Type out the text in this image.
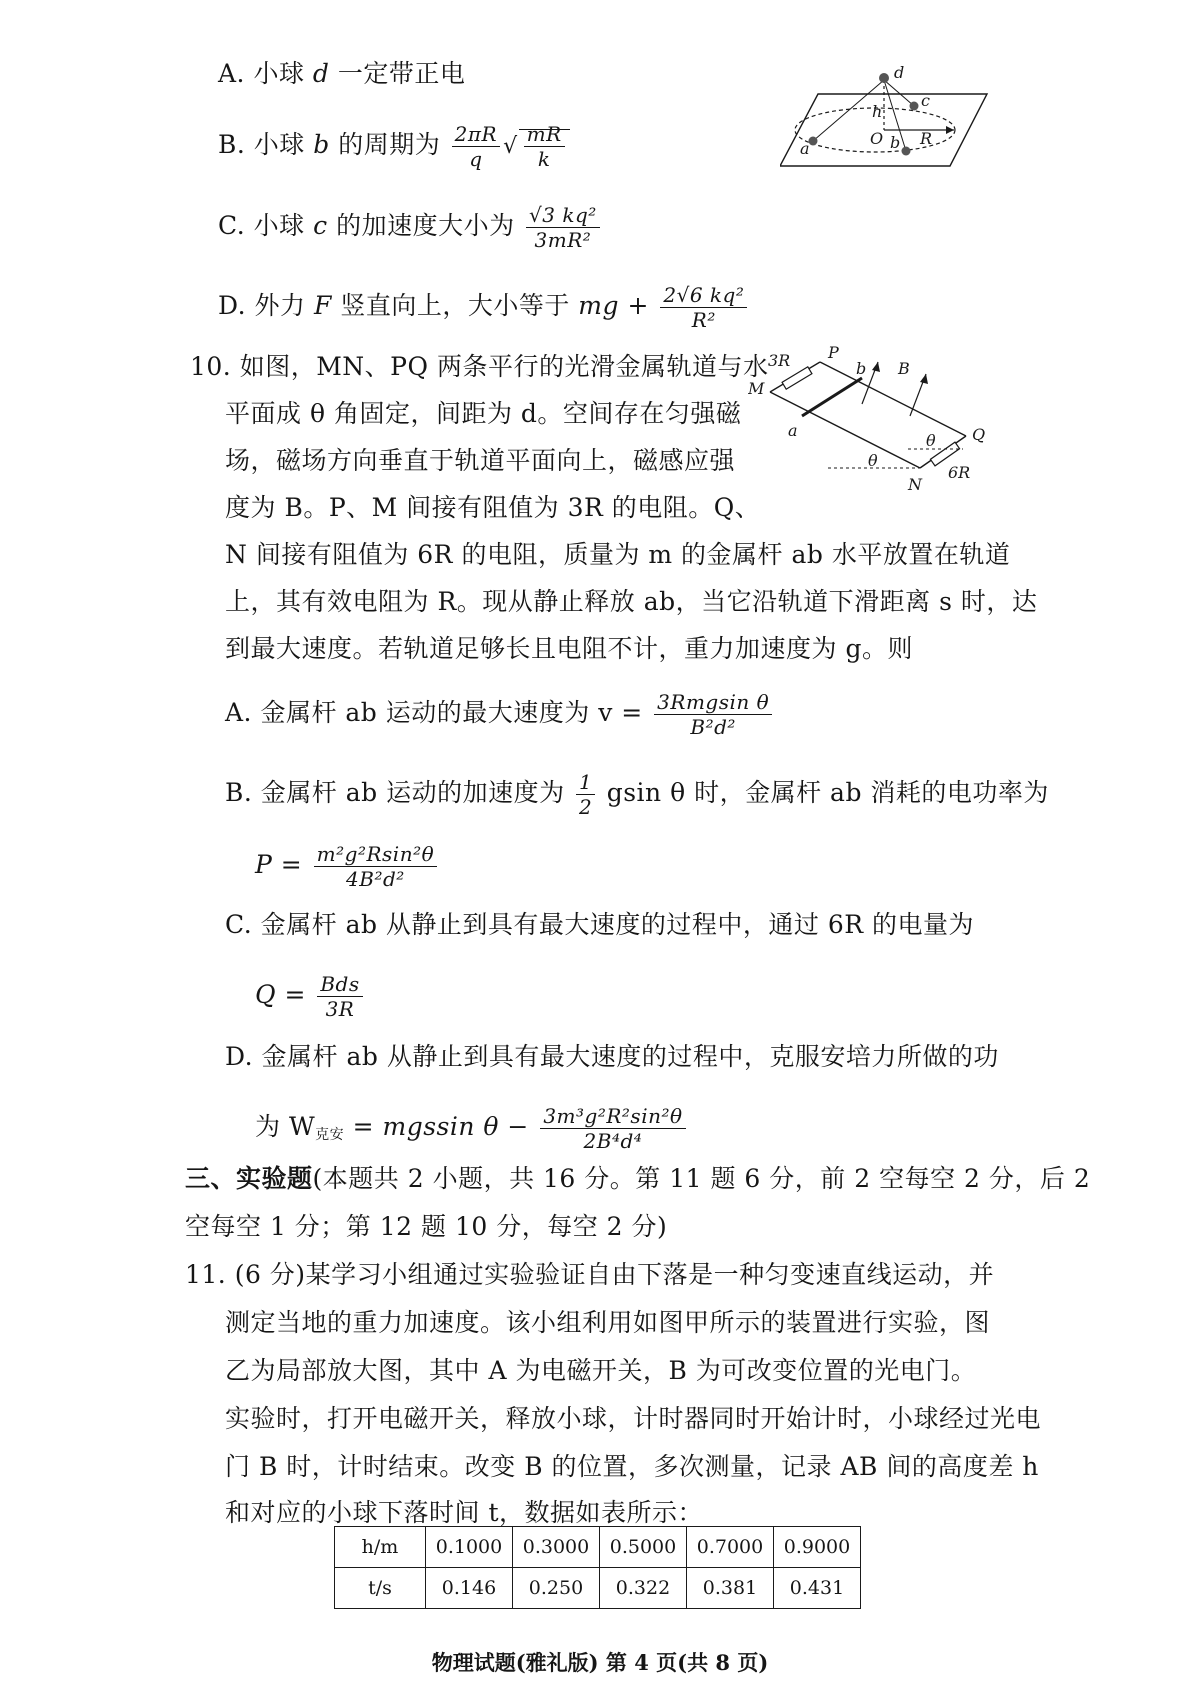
A. 小球 d 一定带正电
B. 小球 b 的周期为 $\frac{2\pi R}{q}$ √ $\frac{mR}{k}$
C. 小球 c 的加速度大小为 $\frac{\text{√3 kq²}}{\text{3mR²}}$
D. 外力 F 竖直向上，大小等于 mg + $\frac{\text{2√6 kq²}}{\text{R²}}$
d
c
h
O b R
a
10. 如图，MN、PQ 两条平行的光滑金属轨道与水
平面成 θ 角固定，间距为 d。空间存在匀强磁
场，磁场方向垂直于轨道平面向上，磁感应强
度为 B。P、M 间接有阻值为 3R 的电阻。Q、
N 间接有阻值为 6R 的电阻，质量为 m 的金属杆 ab 水平放置在轨道
上，其有效电阻为 R。现从静止释放 ab，当它沿轨道下滑距离 s 时，达
到最大速度。若轨道足够长且电阻不计，重力加速度为 g。则
3R P
b B
M
a
θ Q
θ
6R
N
A. 金属杆 ab 运动的最大速度为 $v = \frac{\text{3Rmgsin θ}}{\text{B²d²}}$
B. 金属杆 ab 运动的加速度为 $\frac{1}{2}$ gsin θ 时，金属杆 ab 消耗的电功率为
$P = \frac{\text{m²g²Rsin²θ}}{\text{4B²d²}}$
C. 金属杆 ab 从静止到具有最大速度的过程中，通过 6R 的电量为
$Q = \frac{\text{Bds}}{3R}$
D. 金属杆 ab 从静止到具有最大速度的过程中，克服安培力所做的功
为 $W_{克安} = mgssin$ $\theta - \frac{\text{3m³g²R²sin²θ}}{\text{2B⁴d⁴}}$
三、实验题(本题共 2 小题，共 16 分。第 11 题 6 分，前 2 空每空 2 分，后 2
空每空 1 分；第 12 题 10 分，每空 2 分)
11. (6 分)某学习小组通过实验验证自由下落是一种匀变速直线运动，并
测定当地的重力加速度。该小组利用如图甲所示的装置进行实验，图
乙为局部放大图，其中 A 为电磁开关，B 为可改变位置的光电门。
实验时，打开电磁开关，释放小球，计时器同时开始计时，小球经过光电
门 B 时，计时结束。改变 B 的位置，多次测量，记录 AB 间的高度差 h
和对应的小球下落时间 t，数据如表所示：
h/m	0.1000	0.3000	0.5000	0.7000	0.9000
t/s	0.146	0.250	0.322	0.381	0.431
物理试题(雅礼版) 第 4 页(共 8 页)
